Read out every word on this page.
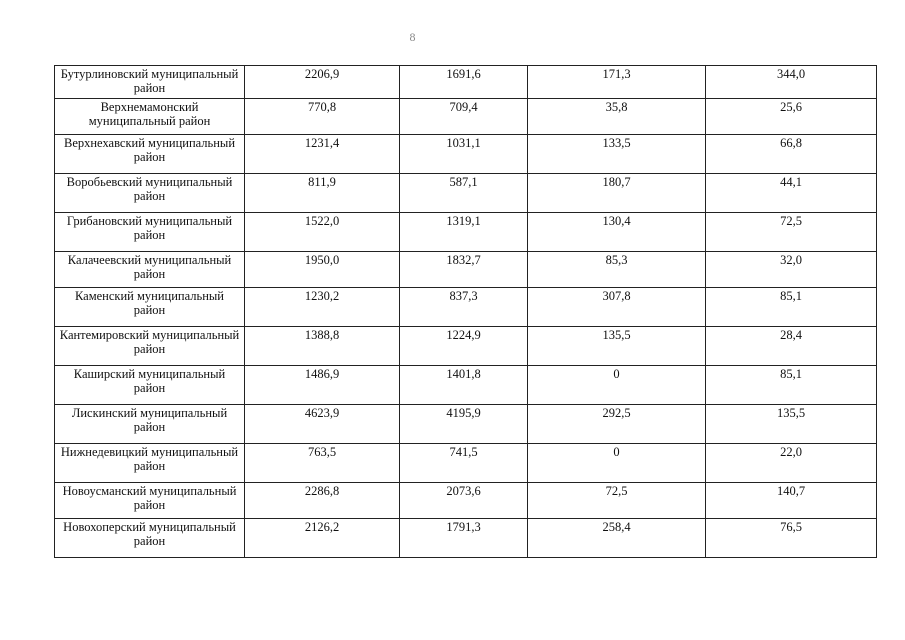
8
Бутурлиновский муниципальный район	2206,9	1691,6	171,3	344,0
Верхнемамонский муниципальный район	770,8	709,4	35,8	25,6
Верхнехавский муниципальный район	1231,4	1031,1	133,5	66,8
Воробьевский муниципальный район	811,9	587,1	180,7	44,1
Грибановский муниципальный район	1522,0	1319,1	130,4	72,5
Калачеевский муниципальный район	1950,0	1832,7	85,3	32,0
Каменский муниципальный район	1230,2	837,3	307,8	85,1
Кантемировский муниципальный район	1388,8	1224,9	135,5	28,4
Каширский муниципальный район	1486,9	1401,8	0	85,1
Лискинский муниципальный район	4623,9	4195,9	292,5	135,5
Нижнедевицкий муниципальный район	763,5	741,5	0	22,0
Новоусманский муниципальный район	2286,8	2073,6	72,5	140,7
Новохоперский муниципальный район	2126,2	1791,3	258,4	76,5
